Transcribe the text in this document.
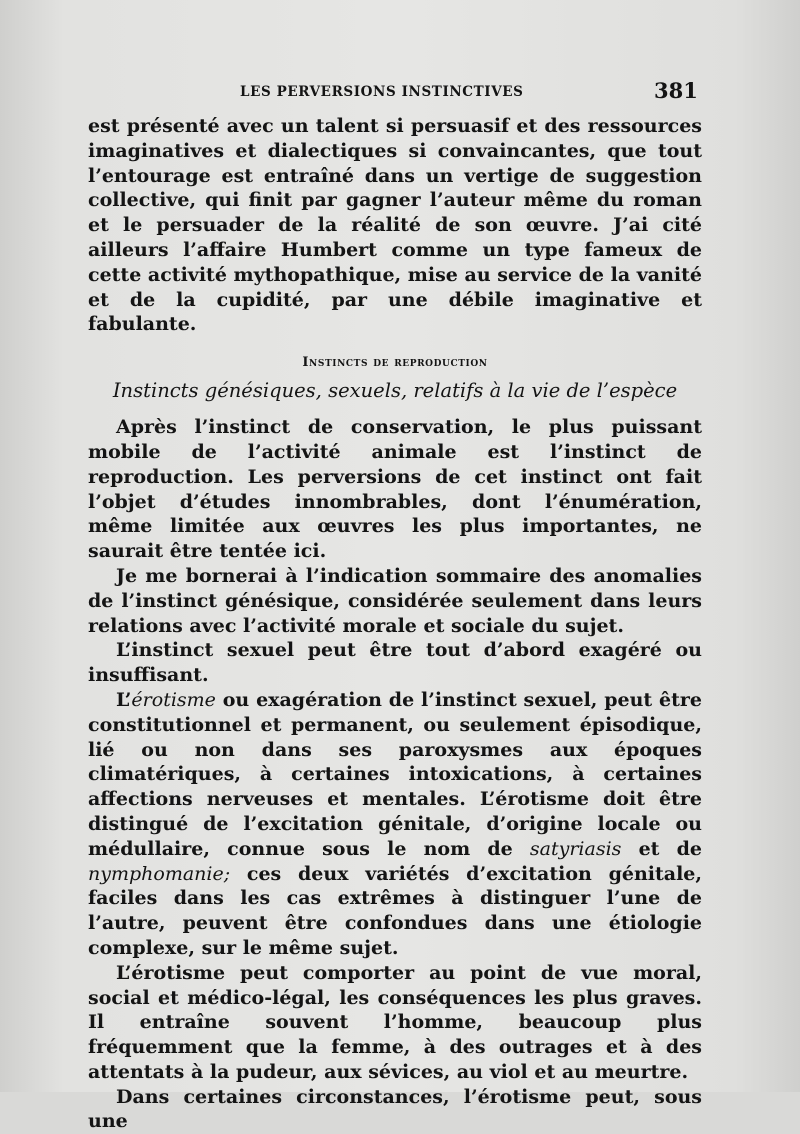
LES PERVERSIONS INSTINCTIVES	381

est présenté avec un talent si persuasif et des ressources imaginatives et dialectiques si convaincantes, que tout l’entourage est entraîné dans un vertige de suggestion collective, qui finit par gagner l’auteur même du roman et le persuader de la réalité de son œuvre. J’ai cité ailleurs l’affaire Humbert comme un type fameux de cette activité mythopathique, mise au service de la vanité et de la cupidité, par une débile imaginative et fabulante.

Instincts de reproduction
Instincts génésiques, sexuels, relatifs à la vie de l’espèce

Après l’instinct de conservation, le plus puissant mobile de l’activité animale est l’instinct de reproduction. Les perversions de cet instinct ont fait l’objet d’études innombrables, dont l’énumération, même limitée aux œuvres les plus importantes, ne saurait être tentée ici.

Je me bornerai à l’indication sommaire des anomalies de l’instinct génésique, considérée seulement dans leurs relations avec l’activité morale et sociale du sujet.

L’instinct sexuel peut être tout d’abord exagéré ou insuffisant.

L’érotisme ou exagération de l’instinct sexuel, peut être constitutionnel et permanent, ou seulement épisodique, lié ou non dans ses paroxysmes aux époques climatériques, à certaines intoxications, à certaines affections nerveuses et mentales. L’érotisme doit être distingué de l’excitation génitale, d’origine locale ou médullaire, connue sous le nom de satyriasis et de nymphomanie; ces deux variétés d’excitation génitale, faciles dans les cas extrêmes à distinguer l’une de l’autre, peuvent être confondues dans une étiologie complexe, sur le même sujet.

L’érotisme peut comporter au point de vue moral, social et médico-légal, les conséquences les plus graves. Il entraîne souvent l’homme, beaucoup plus fréquemment que la femme, à des outrages et à des attentats à la pudeur, aux sévices, au viol et au meurtre.

Dans certaines circonstances, l’érotisme peut, sous une
